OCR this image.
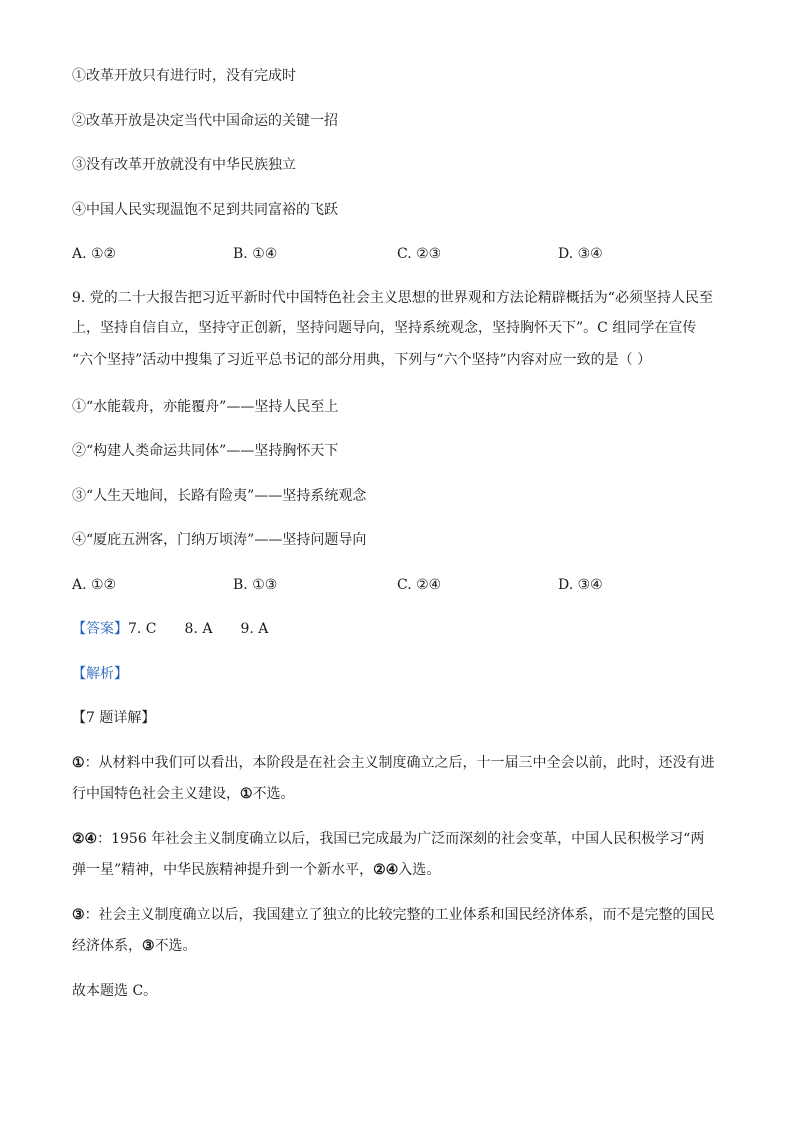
①改革开放只有进行时，没有完成时
②改革开放是决定当代中国命运的关键一招
③没有改革开放就没有中华民族独立
④中国人民实现温饱不足到共同富裕的飞跃
A. ①②	B. ①④	C. ②③	D. ③④
9. 党的二十大报告把习近平新时代中国特色社会主义思想的世界观和方法论精辟概括为“必须坚持人民至
上，坚持自信自立，坚持守正创新，坚持问题导向，坚持系统观念，坚持胸怀天下”。C 组同学在宣传
“六个坚持”活动中搜集了习近平总书记的部分用典，下列与“六个坚持”内容对应一致的是（ ）
①“水能载舟，亦能覆舟”——坚持人民至上
②“构建人类命运共同体”——坚持胸怀天下
③“人生天地间，长路有险夷”——坚持系统观念
④“厦庇五洲客，门纳万顷涛”——坚持问题导向
A. ①②	B. ①③	C. ②④	D. ③④
【答案】7. C 8. A 9. A
【解析】
【7 题详解】
①：从材料中我们可以看出，本阶段是在社会主义制度确立之后，十一届三中全会以前，此时，还没有进
行中国特色社会主义建设，①不选。
②④：1956 年社会主义制度确立以后，我国已完成最为广泛而深刻的社会变革，中国人民积极学习“两
弹一星”精神，中华民族精神提升到一个新水平，②④入选。
③：社会主义制度确立以后，我国建立了独立的比较完整的工业体系和国民经济体系，而不是完整的国民
经济体系，③不选。
故本题选 C。
